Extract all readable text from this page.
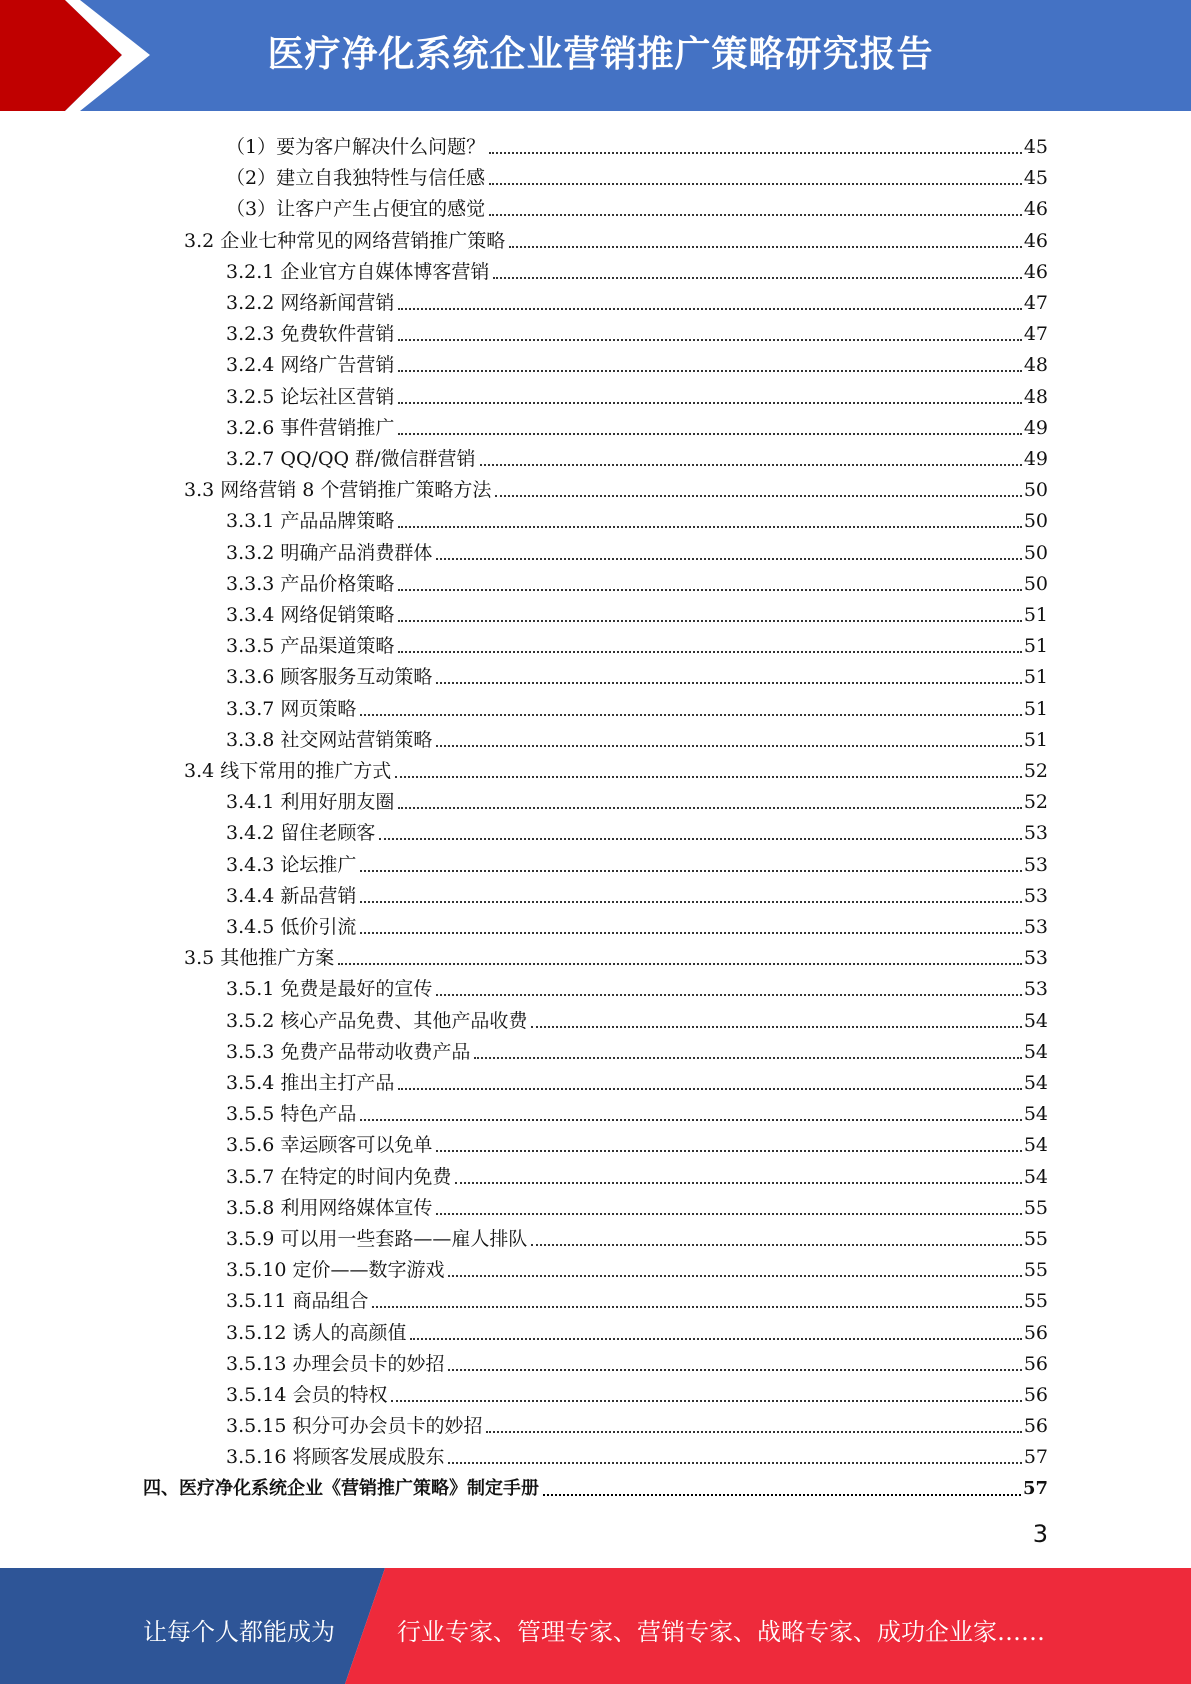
医疗净化系统企业营销推广策略研究报告
（1）要为客户解决什么问题？	45
（2）建立自我独特性与信任感	45
（3）让客户产生占便宜的感觉	46
3.2 企业七种常见的网络营销推广策略	46
3.2.1 企业官方自媒体博客营销	46
3.2.2 网络新闻营销	47
3.2.3 免费软件营销	47
3.2.4 网络广告营销	48
3.2.5 论坛社区营销	48
3.2.6 事件营销推广	49
3.2.7 QQ/QQ 群/微信群营销	49
3.3 网络营销 8 个营销推广策略方法	50
3.3.1 产品品牌策略	50
3.3.2 明确产品消费群体	50
3.3.3 产品价格策略	50
3.3.4 网络促销策略	51
3.3.5 产品渠道策略	51
3.3.6 顾客服务互动策略	51
3.3.7 网页策略	51
3.3.8 社交网站营销策略	51
3.4 线下常用的推广方式	52
3.4.1 利用好朋友圈	52
3.4.2 留住老顾客	53
3.4.3 论坛推广	53
3.4.4 新品营销	53
3.4.5 低价引流	53
3.5 其他推广方案	53
3.5.1 免费是最好的宣传	53
3.5.2 核心产品免费、其他产品收费	54
3.5.3 免费产品带动收费产品	54
3.5.4 推出主打产品	54
3.5.5 特色产品	54
3.5.6 幸运顾客可以免单	54
3.5.7 在特定的时间内免费	54
3.5.8 利用网络媒体宣传	55
3.5.9 可以用一些套路——雇人排队	55
3.5.10 定价——数字游戏	55
3.5.11 商品组合	55
3.5.12 诱人的高颜值	56
3.5.13 办理会员卡的妙招	56
3.5.14 会员的特权	56
3.5.15 积分可办会员卡的妙招	56
3.5.16 将顾客发展成股东	57
四、医疗净化系统企业《营销推广策略》制定手册	57
3
让每个人都能成为	行业专家、管理专家、营销专家、战略专家、成功企业家……
